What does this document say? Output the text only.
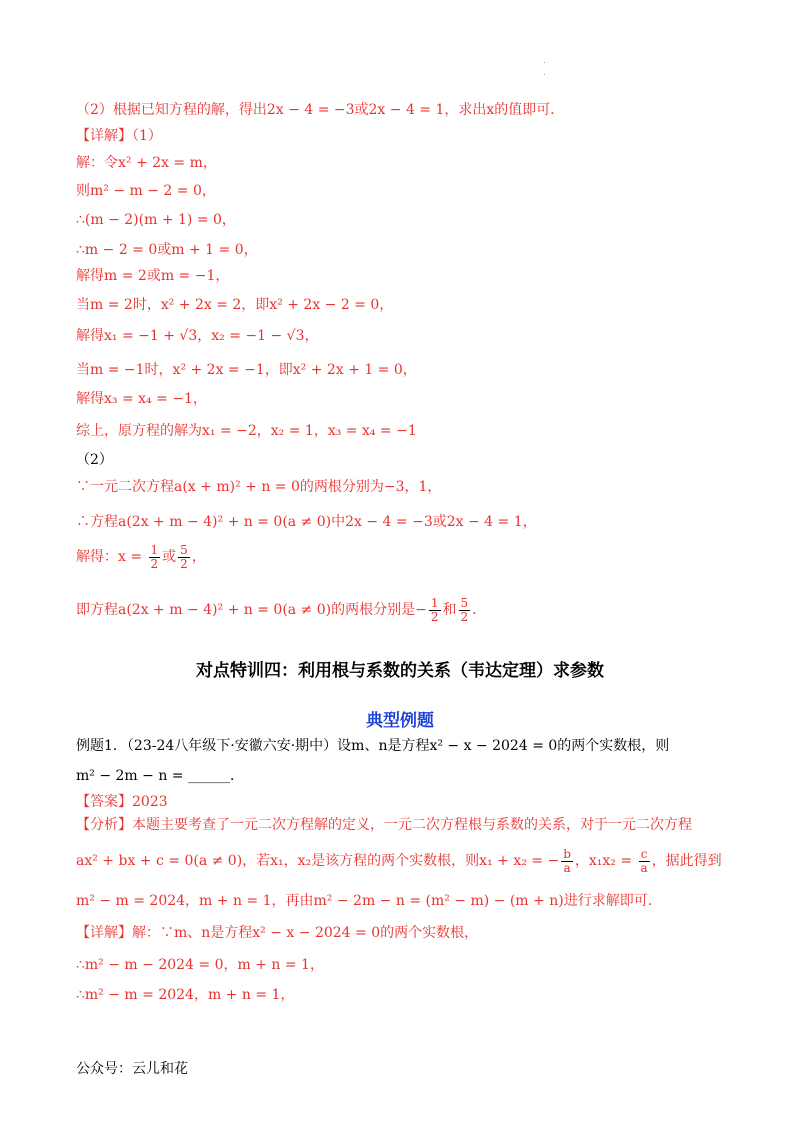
.
.
（2）根据已知方程的解，得出2x − 4 = −3或2x − 4 = 1，求出x的值即可．
【详解】（1）
解：令x² + 2x = m，
则m² − m − 2 = 0，
∴(m − 2)(m + 1) = 0，
∴m − 2 = 0或m + 1 = 0，
解得m = 2或m = −1，
当m = 2时，x² + 2x = 2，即x² + 2x − 2 = 0，
解得x₁ = −1 + √3，x₂ = −1 − √3，
当m = −1时，x² + 2x = −1，即x² + 2x + 1 = 0，
解得x₃ = x₄ = −1，
综上，原方程的解为x₁ = −2，x₂ = 1，x₃ = x₄ = −1
（2）
∵一元二次方程a(x + m)² + n = 0的两根分别为−3，1，
∴方程a(2x + m − 4)² + n = 0(a ≠ 0)中2x − 4 = −3或2x − 4 = 1，
解得：$x = \frac{1}{2}$ 或 $\frac{5}{2}$ ，
即方程a(2x + m − 4)² + n = 0(a ≠ 0)的两根分别是− $\frac{1}{2}$ 和 $\frac{5}{2}$ ．
对点特训四：利用根与系数的关系（韦达定理）求参数
典型例题
例题1．（23-24八年级下·安徽六安·期中）设m、n是方程x² − x − 2024 = 0的两个实数根，则
m² − 2m − n = ______．
【答案】2023
【分析】本题主要考查了一元二次方程解的定义，一元二次方程根与系数的关系，对于一元二次方程
ax² + bx + c = 0(a ≠ 0)，若x₁，x₂是该方程的两个实数根，则x₁ + x₂ = − $\frac{b}{a}$ ，$x_1x_2 = \frac{c}{a}$ ，据此得到
m² − m = 2024，m + n = 1，再由m² − 2m − n = (m² − m) − (m + n)进行求解即可．
【详解】解：∵m、n是方程x² − x − 2024 = 0的两个实数根，
∴m² − m − 2024 = 0，m + n = 1，
∴m² − m = 2024，m + n = 1，
公众号：云儿和花
